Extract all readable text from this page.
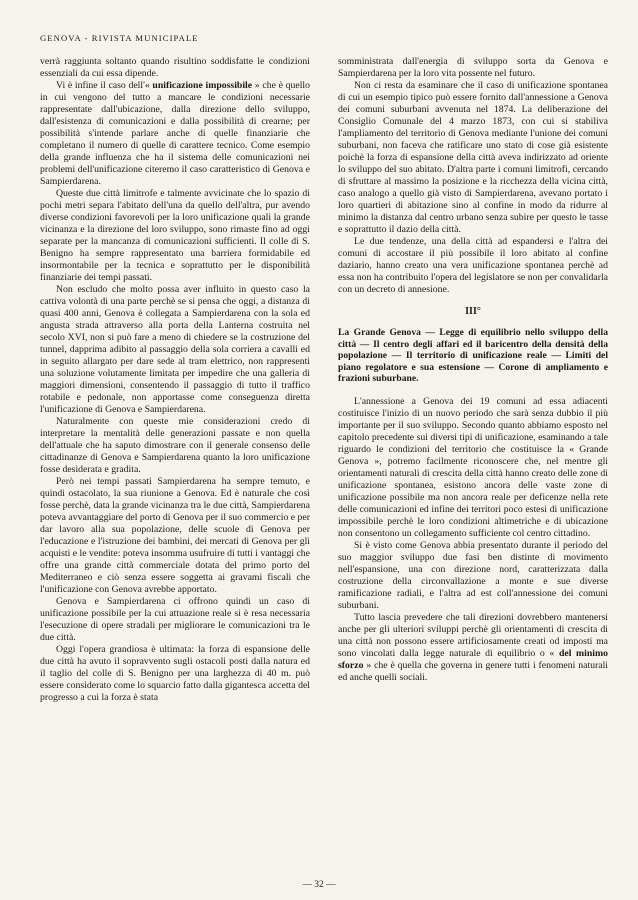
GENOVA - RIVISTA MUNICIPALE

verrà raggiunta soltanto quando risultino soddisfatte le condizioni essenziali da cui essa dipende.

Vi è infine il caso dell'« unificazione impossibile » che è quello in cui vengono del tutto a mancare le condizioni necessarie rappresentate dall'ubicazione, dalla direzione dello sviluppo, dall'esistenza di comunicazioni e dalla possibilità di crearne; per possibilità s'intende parlare anche di quelle finanziarie che completano il numero di quelle di carattere tecnico. Come esempio della grande influenza che ha il sistema delle comunicazioni nei problemi dell'unificazione citeremo il caso caratteristico di Genova e Sampierdarena.

Queste due città limitrofe e talmente avvicinate che lo spazio di pochi metri separa l'abitato dell'una da quello dell'altra, pur avendo diverse condizioni favorevoli per la loro unificazione quali la grande vicinanza e la direzione del loro sviluppo, sono rimaste fino ad oggi separate per la mancanza di comunicazioni sufficienti. Il colle di S. Benigno ha sempre rappresentato una barriera formidabile ed insormontabile per la tecnica e soprattutto per le disponibilità finanziarie dei tempi passati.

Non escludo che molto possa aver influito in questo caso la cattiva volontà di una parte perchè se si pensa che oggi, a distanza di quasi 400 anni, Genova è collegata a Sampierdarena con la sola ed angusta strada attraverso alla porta della Lanterna costruita nel secolo XVI, non si può fare a meno di chiedere se la costruzione del tunnel, dapprima adibito al passaggio della sola corriera a cavalli ed in seguito allargato per dare sede al tram elettrico, non rappresenti una soluzione volutamente limitata per impedire che una galleria di maggiori dimensioni, consentendo il passaggio di tutto il traffico rotabile e pedonale, non apportasse come conseguenza diretta l'unificazione di Genova e Sampierdarena.

Naturalmente con queste mie considerazioni credo di interpretare la mentalità delle generazioni passate e non quella dell'attuale che ha saputo dimostrare con il generale consenso delle cittadinanze di Genova e Sampierdarena quanto la loro unificazione fosse desiderata e gradita.

Però nei tempi passati Sampierdarena ha sempre temuto, e quindi ostacolato, la sua riunione a Genova. Ed è naturale che così fosse perchè, data la grande vicinanza tra le due città, Sampierdarena poteva avvantaggiare del porto di Genova per il suo commercio e per dar lavoro alla sua popolazione, delle scuole di Genova per l'educazione e l'istruzione dei bambini, dei mercati di Genova per gli acquisti e le vendite: poteva insomma usufruire di tutti i vantaggi che offre una grande città commerciale dotata del primo porto del Mediterraneo e ciò senza essere soggetta ai gravami fiscali che l'unificazione con Genova avrebbe apportato.

Genova e Sampierdarena ci offrono quindi un caso di unificazione possibile per la cui attuazione reale si è resa necessaria l'esecuzione di opere stradali per migliorare le comunicazioni tra le due città.

Oggi l'opera grandiosa è ultimata: la forza di espansione delle due città ha avuto il sopravvento sugli ostacoli posti dalla natura ed il taglio del colle di S. Benigno per una larghezza di 40 m. può essere considerato come lo squarcio fatto dalla gigantesca accetta del progresso a cui la forza è stata

somministrata dall'energia di sviluppo sorta da Genova e Sampierdarena per la loro vita possente nel futuro.

Non ci resta da esaminare che il caso di unificazione spontanea di cui un esempio tipico può essere fornito dall'annessione a Genova dei comuni suburbani avvenuta nel 1874. La deliberazione del Consiglio Comunale del 4 marzo 1873, con cui si stabiliva l'ampliamento del territorio di Genova mediante l'unione dei comuni suburbani, non faceva che ratificare uno stato di cose già esistente poichè la forza di espansione della città aveva indirizzato ad oriente lo sviluppo del suo abitato. D'altra parte i comuni limitrofi, cercando di sfruttare al massimo la posizione e la ricchezza della vicina città, caso analogo a quello già visto di Sampierdarena, avevano portato i loro quartieri di abitazione sino al confine in modo da ridurre al minimo la distanza dal centro urbano senza subire per questo le tasse e soprattutto il dazio della città.

Le due tendenze, una della città ad espandersi e l'altra dei comuni di accostare il più possibile il loro abitato al confine daziario, hanno creato una vera unificazione spontanea perchè ad essa non ha contribuito l'opera del legislatore se non per convalidarla con un decreto di annesione.

III°

La Grande Genova — Legge di equilibrio nello sviluppo della città — Il centro degli affari ed il baricentro della densità della popolazione — Il territorio di unificazione reale — Limiti del piano regolatore e sua estensione — Corone di ampliamento e frazioni suburbane.

L'annessione a Genova dei 19 comuni ad essa adiacenti costituisce l'inizio di un nuovo periodo che sarà senza dubbio il più importante per il suo sviluppo. Secondo quanto abbiamo esposto nel capitolo precedente sui diversi tipi di unificazione, esaminando a tale riguardo le condizioni del territorio che costituisce la « Grande Genova », potremo facilmente riconoscere che, nel mentre gli orientamenti naturali di crescita della città hanno creato delle zone di unificazione spontanea, esistono ancora delle vaste zone di unificazione possibile ma non ancora reale per deficenze nella rete delle comunicazioni ed infine dei territori poco estesi di unificazione impossibile perchè le loro condizioni altimetriche e di ubicazione non consentono un collegamento sufficiente col centro cittadino.

Si è visto come Genova abbia presentato durante il periodo del suo maggior sviluppo due fasi ben distinte di movimento nell'espansione, una con direzione nord, caratterizzata dalla costruzione della circonvallazione a monte e sue diverse ramificazione radiali, e l'altra ad est coll'annessione dei comuni suburbani.

Tutto lascia prevedere che tali direzioni dovrebbero mantenersi anche per gli ulteriori sviluppi perchè gli orientamenti di crescita di una città non possono essere artificiosamente creati od imposti ma sono vincolati dalla legge naturale di equilibrio o « del minimo sforzo » che è quella che governa in genere tutti i fenomeni naturali ed anche quelli sociali.

— 32 —
